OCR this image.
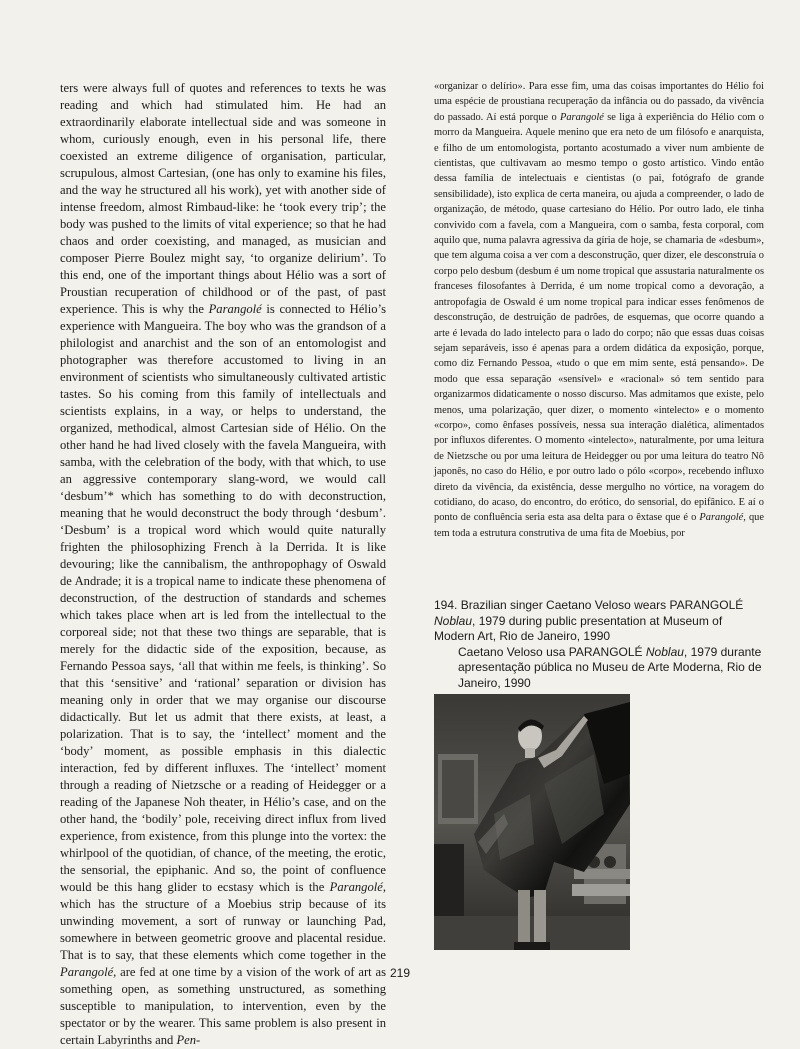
ters were always full of quotes and references to texts he was reading and which had stimulated him. He had an extraordinarily elaborate intellectual side and was someone in whom, curiously enough, even in his personal life, there coexisted an extreme diligence of organisation, particular, scrupulous, almost Cartesian, (one has only to examine his files, and the way he structured all his work), yet with another side of intense freedom, almost Rimbaud-like: he ‘took every trip’; the body was pushed to the limits of vital experience; so that he had chaos and order coexisting, and managed, as musician and composer Pierre Boulez might say, ‘to organize delirium’. To this end, one of the important things about Hélio was a sort of Proustian recuperation of childhood or of the past, of past experience. This is why the Parangolé is connected to Hélio’s experience with Mangueira. The boy who was the grandson of a philologist and anarchist and the son of an entomologist and photographer was therefore accustomed to living in an environment of scientists who simultaneously cultivated artistic tastes. So his coming from this family of intellectuals and scientists explains, in a way, or helps to understand, the organized, methodical, almost Cartesian side of Hélio. On the other hand he had lived closely with the favela Mangueira, with samba, with the celebration of the body, with that which, to use an aggressive contemporary slang-word, we would call ‘desbum’* which has something to do with deconstruction, meaning that he would deconstruct the body through ‘desbum’. ‘Desbum’ is a tropical word which would quite naturally frighten the philosophizing French à la Derrida. It is like devouring; like the cannibalism, the anthropophagy of Oswald de Andrade; it is a tropical name to indicate these phenomena of deconstruction, of the destruction of standards and schemes which takes place when art is led from the intellectual to the corporeal side; not that these two things are separable, that is merely for the didactic side of the exposition, because, as Fernando Pessoa says, ‘all that within me feels, is thinking’. So that this ‘sensitive’ and ‘rational’ separation or division has meaning only in order that we may organise our discourse didactically. But let us admit that there exists, at least, a polarization. That is to say, the ‘intellect’ moment and the ‘body’ moment, as possible emphasis in this dialectic interaction, fed by different influxes. The ‘intellect’ moment through a reading of Nietzsche or a reading of Heidegger or a reading of the Japanese Noh theater, in Hélio’s case, and on the other hand, the ‘bodily’ pole, receiving direct influx from lived experience, from existence, from this plunge into the vortex: the whirlpool of the quotidian, of chance, of the meeting, the erotic, the sensorial, the epiphanic. And so, the point of confluence would be this hang glider to ecstasy which is the Parangolé, which has the structure of a Moebius strip because of its unwinding movement, a sort of runway or launching Pad, somewhere in between geometric groove and placental residue. That is to say, that these elements which come together in the Parangolé, are fed at one time by a vision of the work of art as something open, as something unstructured, as something susceptible to manipulation, to intervention, even by the spectator or by the wearer. This same problem is also present in certain Labyrinths and Pen-

«organizar o delírio». Para esse fim, uma das coisas importantes do Hélio foi uma espécie de proustiana recuperação da infância ou do passado, da vivência do passado. Aí está porque o Parangolé se liga à experiência do Hélio com o morro da Mangueira. Aquele menino que era neto de um filósofo e anarquista, e filho de um entomologista, portanto acostumado a viver num ambiente de cientistas, que cultivavam ao mesmo tempo o gosto artístico. Vindo então dessa família de intelectuais e cientistas (o pai, fotógrafo de grande sensibilidade), isto explica de certa maneira, ou ajuda a compreender, o lado de organização, de método, quase cartesiano do Hélio. Por outro lado, ele tinha convivido com a favela, com a Mangueira, com o samba, festa corporal, com aquilo que, numa palavra agressiva da gíria de hoje, se chamaria de «desbum», que tem alguma coisa a ver com a desconstrução, quer dizer, ele desconstruía o corpo pelo desbum (desbum é um nome tropical que assustaria naturalmente os franceses filosofantes à Derrida, é um nome tropical como a devoração, a antropofagia de Oswald é um nome tropical para indicar esses fenômenos de desconstrução, de destruição de padrões, de esquemas, que ocorre quando a arte é levada do lado intelecto para o lado do corpo; não que essas duas coisas sejam separáveis, isso é apenas para a ordem didática da exposição, porque, como diz Fernando Pessoa, «tudo o que em mim sente, está pensando». De modo que essa separação «sensível» e «racional» só tem sentido para organizarmos didaticamente o nosso discurso. Mas admitamos que existe, pelo menos, uma polarização, quer dizer, o momento «intelecto» e o momento «corpo», como ênfases possíveis, nessa sua interação dialética, alimentados por influxos diferentes. O momento «intelecto», naturalmente, por uma leitura de Nietzsche ou por uma leitura de Heidegger ou por uma leitura do teatro Nô japonês, no caso do Hélio, e por outro lado o pólo «corpo», recebendo influxo direto da vivência, da existência, desse mergulho no vórtice, na voragem do cotidiano, do acaso, do encontro, do erótico, do sensorial, do epifânico. E aí o ponto de confluência seria esta asa delta para o êxtase que é o Parangolé, que tem toda a estrutura construtiva de uma fita de Moebius, por

194. Brazilian singer Caetano Veloso wears PARANGOLÉ Noblau, 1979 during public presentation at Museum of Modern Art, Rio de Janeiro, 1990

Caetano Veloso usa PARANGOLÉ Noblau, 1979 durante apresentação pública no Museu de Arte Moderna, Rio de Janeiro, 1990

219
